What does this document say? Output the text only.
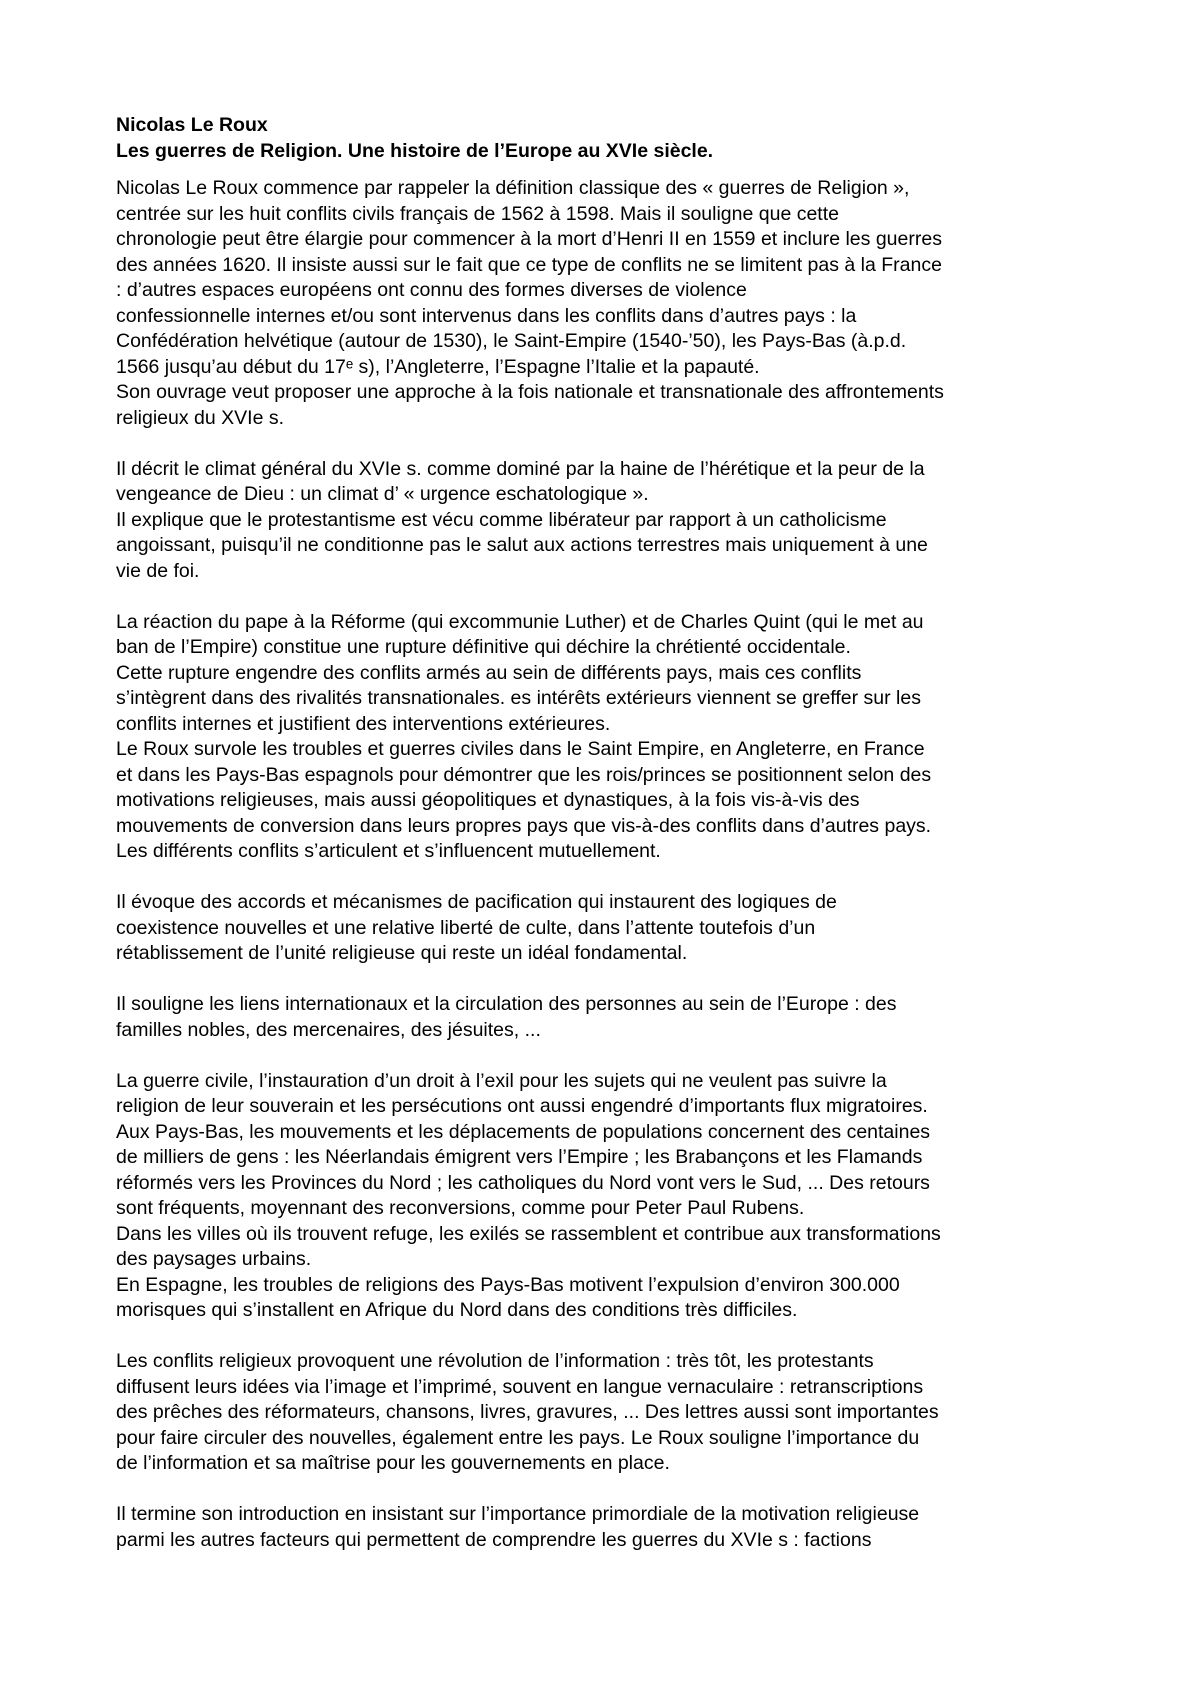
Nicolas Le Roux
Les guerres de Religion. Une histoire de l’Europe au XVIe siècle.
Nicolas Le Roux commence par rappeler la définition classique des « guerres de Religion »,
centrée sur les huit conflits civils français de 1562 à 1598. Mais il souligne que cette
chronologie peut être élargie pour commencer à la mort d’Henri II en 1559 et inclure les guerres
des années 1620. Il insiste aussi sur le fait que ce type de conflits ne se limitent pas à la France
: d’autres espaces européens ont connu des formes diverses de violence
confessionnelle internes et/ou sont intervenus dans les conflits dans d’autres pays : la
Confédération helvétique (autour de 1530), le Saint-Empire (1540-’50), les Pays-Bas (à.p.d.
1566 jusqu’au début du 17ᵉ s), l’Angleterre, l’Espagne l’Italie et la papauté.
Son ouvrage veut proposer une approche à la fois nationale et transnationale des affrontements
religieux du XVIe s.
Il décrit le climat général du XVIe s. comme dominé par la haine de l’hérétique et la peur de la
vengeance de Dieu : un climat d’ « urgence eschatologique ».
Il explique que le protestantisme est vécu comme libérateur par rapport à un catholicisme
angoissant, puisqu’il ne conditionne pas le salut aux actions terrestres mais uniquement à une
vie de foi.
La réaction du pape à la Réforme (qui excommunie Luther) et de Charles Quint (qui le met au
ban de l’Empire) constitue une rupture définitive qui déchire la chrétienté occidentale.
Cette rupture engendre des conflits armés au sein de différents pays, mais ces conflits
s’intègrent dans des rivalités transnationales. es intérêts extérieurs viennent se greffer sur les
conflits internes et justifient des interventions extérieures.
Le Roux survole les troubles et guerres civiles dans le Saint Empire, en Angleterre, en France
et dans les Pays-Bas espagnols pour démontrer que les rois/princes se positionnent selon des
motivations religieuses, mais aussi géopolitiques et dynastiques, à la fois vis-à-vis des
mouvements de conversion dans leurs propres pays que vis-à-des conflits dans d’autres pays.
Les différents conflits s’articulent et s’influencent mutuellement.
Il évoque des accords et mécanismes de pacification qui instaurent des logiques de
coexistence nouvelles et une relative liberté de culte, dans l’attente toutefois d’un
rétablissement de l’unité religieuse qui reste un idéal fondamental.
Il souligne les liens internationaux et la circulation des personnes au sein de l’Europe : des
familles nobles, des mercenaires, des jésuites, ...
La guerre civile, l’instauration d’un droit à l’exil pour les sujets qui ne veulent pas suivre la
religion de leur souverain et les persécutions ont aussi engendré d’importants flux migratoires.
Aux Pays-Bas, les mouvements et les déplacements de populations concernent des centaines
de milliers de gens : les Néerlandais émigrent vers l’Empire ; les Brabançons et les Flamands
réformés vers les Provinces du Nord ; les catholiques du Nord vont vers le Sud, ... Des retours
sont fréquents, moyennant des reconversions, comme pour Peter Paul Rubens.
Dans les villes où ils trouvent refuge, les exilés se rassemblent et contribue aux transformations
des paysages urbains.
En Espagne, les troubles de religions des Pays-Bas motivent l’expulsion d’environ 300.000
morisques qui s’installent en Afrique du Nord dans des conditions très difficiles.
Les conflits religieux provoquent une révolution de l’information : très tôt, les protestants
diffusent leurs idées via l’image et l’imprimé, souvent en langue vernaculaire : retranscriptions
des prêches des réformateurs, chansons, livres, gravures, ... Des lettres aussi sont importantes
pour faire circuler des nouvelles, également entre les pays. Le Roux souligne l’importance du
de l’information et sa maîtrise pour les gouvernements en place.
Il termine son introduction en insistant sur l’importance primordiale de la motivation religieuse
parmi les autres facteurs qui permettent de comprendre les guerres du XVIe s : factions
